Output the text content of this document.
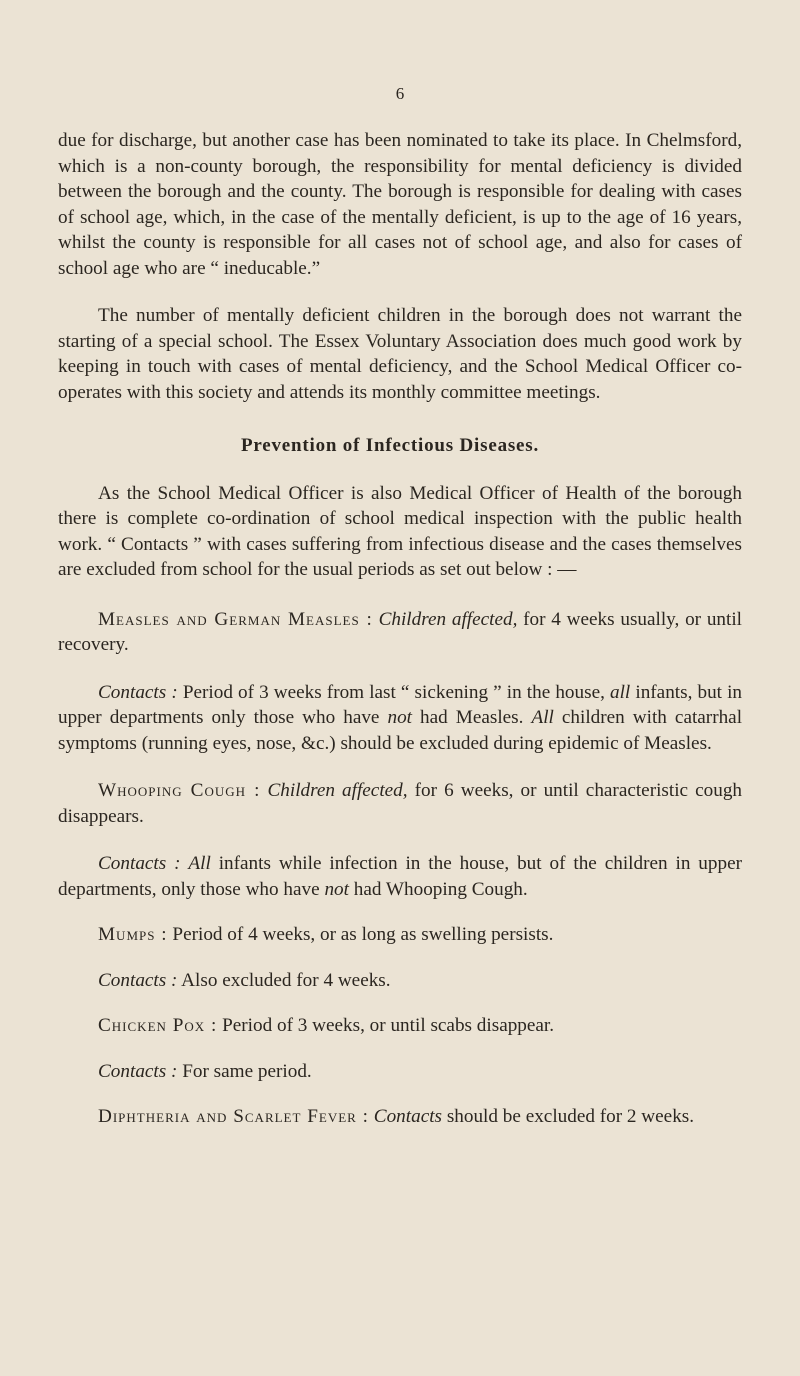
6

due for discharge, but another case has been nominated to take its place. In Chelmsford, which is a non-county borough, the responsibility for mental deficiency is divided between the borough and the county. The borough is responsible for dealing with cases of school age, which, in the case of the mentally deficient, is up to the age of 16 years, whilst the county is responsible for all cases not of school age, and also for cases of school age who are “ ineducable.”

The number of mentally deficient children in the borough does not warrant the starting of a special school. The Essex Voluntary Association does much good work by keeping in touch with cases of mental deficiency, and the School Medical Officer co-operates with this society and attends its monthly committee meetings.

Prevention of Infectious Diseases.

As the School Medical Officer is also Medical Officer of Health of the borough there is complete co-ordination of school medical inspection with the public health work. “ Contacts ” with cases suffering from infectious disease and the cases themselves are excluded from school for the usual periods as set out below : —

Measles and German Measles : Children affected, for 4 weeks usually, or until recovery.

Contacts : Period of 3 weeks from last “ sickening ” in the house, all infants, but in upper departments only those who have not had Measles. All children with catarrhal symptoms (running eyes, nose, &c.) should be excluded during epidemic of Measles.

Whooping Cough : Children affected, for 6 weeks, or until characteristic cough disappears.

Contacts : All infants while infection in the house, but of the children in upper departments, only those who have not had Whooping Cough.

Mumps : Period of 4 weeks, or as long as swelling persists.

Contacts : Also excluded for 4 weeks.

Chicken Pox : Period of 3 weeks, or until scabs disappear.

Contacts : For same period.

Diphtheria and Scarlet Fever : Contacts should be excluded for 2 weeks.
